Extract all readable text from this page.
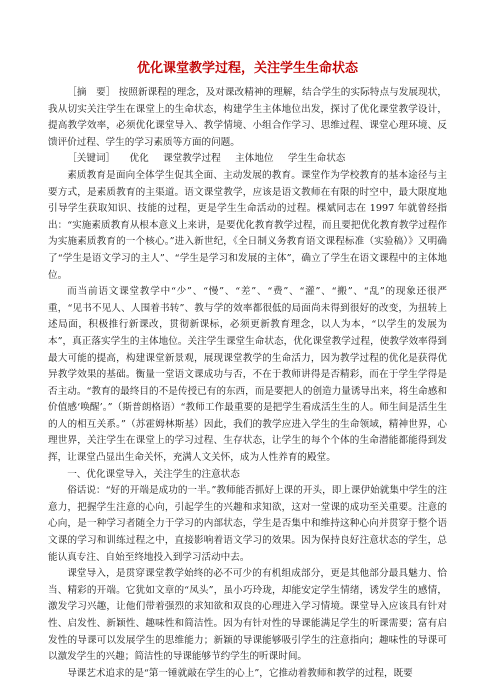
优化课堂教学过程，关注学生生命状态

［摘　要］ 按照新课程的理念，及对课改精神的理解，结合学生的实际特点与发展现状，我从切实关注学生在课堂上的生命状态，构建学生主体地位出发，探讨了优化课堂教学设计，提高教学效率，必须优化课堂导入、教学情境、小组合作学习、思维过程、课堂心理环境、反馈评价过程、学生的学习素质等方面的问题。

［关键词］ 优化 课堂教学过程 主体地位 学生生命状态

素质教育是面向全体学生促其全面、主动发展的教育。课堂作为学校教育的基本途径与主要方式，是素质教育的主渠道。语文课堂教学，应该是语文教师在有限的时空中，最大限度地引导学生获取知识、技能的过程，更是学生生命活动的过程。棵斌同志在 1997 年就曾经指出：“实施素质教育从根本意义上来讲，是要优化教育教学过程，而且要把优化教育教学过程作为实施素质教育的一个核心。”进入新世纪，《全日制义务教育语文课程标准（实验稿）》又明确了“学生是语文学习的主人”、“学生是学习和发展的主体”，确立了学生在语文课程中的主体地位。

而当前语文课堂教学中“少”、“慢”、“差”、“费”、“灌”、“搬”、“乱”的现象还很严重，“见书不见人、人围着书转”、教与学的效率都很低的局面尚未得到很好的改变，为扭转上述局面，积极推行新课改，贯彻新课标，必须更新教育理念，以人为本，“以学生的发展为本”，真正落实学生的主体地位。关注学生课堂生命状态，优化课堂教学过程，使教学效率得到最大可能的提高，构建课堂新景观，展现课堂教学的生命活力，因为教学过程的优化是获得优异教学效果的基础。衡量一堂语文课成功与否，不在于教师讲得是否精彩，而在于学生学得是否主动。“教育的最终目的不是传授已有的东西，而是要把人的创造力量诱导出来，将生命感和价值感‘唤醒’。”（斯普朗格语）“教师工作最重要的是把学生看成活生生的人。师生间是活生生的人的相互关系。”（苏霍姆林斯基）因此，我们的教学应进入学生的生命领域，精神世界，心理世界，关注学生在课堂上的学习过程、生存状态，让学生的每个个体的生命潜能都能得到发挥，让课堂凸显出生命关怀，充满人文关怀，成为人性养育的殿堂。

一、优化课堂导入，关注学生的注意状态

俗话说：“好的开端是成功的一半。”教师能否抓好上课的开头，即上课伊始就集中学生的注意力，把握学生注意的心向，引起学生的兴趣和求知欲，这对一堂课的成功至关重要。注意的心向，是一种学习者随全力于学习的内部状态，学生是否集中和维持这种心向并贯穿于整个语文课的学习和训练过程之中，直接影响着语文学习的效果。因为保持良好注意状态的学生，总能认真专注、自始至终地投入到学习活动中去。

课堂导入，是贯穿课堂教学始终的必不可少的有机组成部分，更是其他部分最具魅力、恰当、精彩的开端。它犹如文章的“凤头”，虽小巧玲珑，却能安定学生情绪，诱发学生的感情，激发学习兴趣，让他们带着强烈的求知欲和双良的心理进入学习情境。课堂导入应该具有针对性、启发性、新颖性、趣味性和简洁性。因为有针对性的导课能满足学生的听课需要；富有启发性的导课可以发展学生的思维能力；新颖的导课能够吸引学生的注意指向；趣味性的导课可以激发学生的兴趣；简洁性的导课能够节约学生的听课时间。

导课艺术追求的是“第一锤就敲在学生的心上”，它推动着教师和教学的过程，既要
